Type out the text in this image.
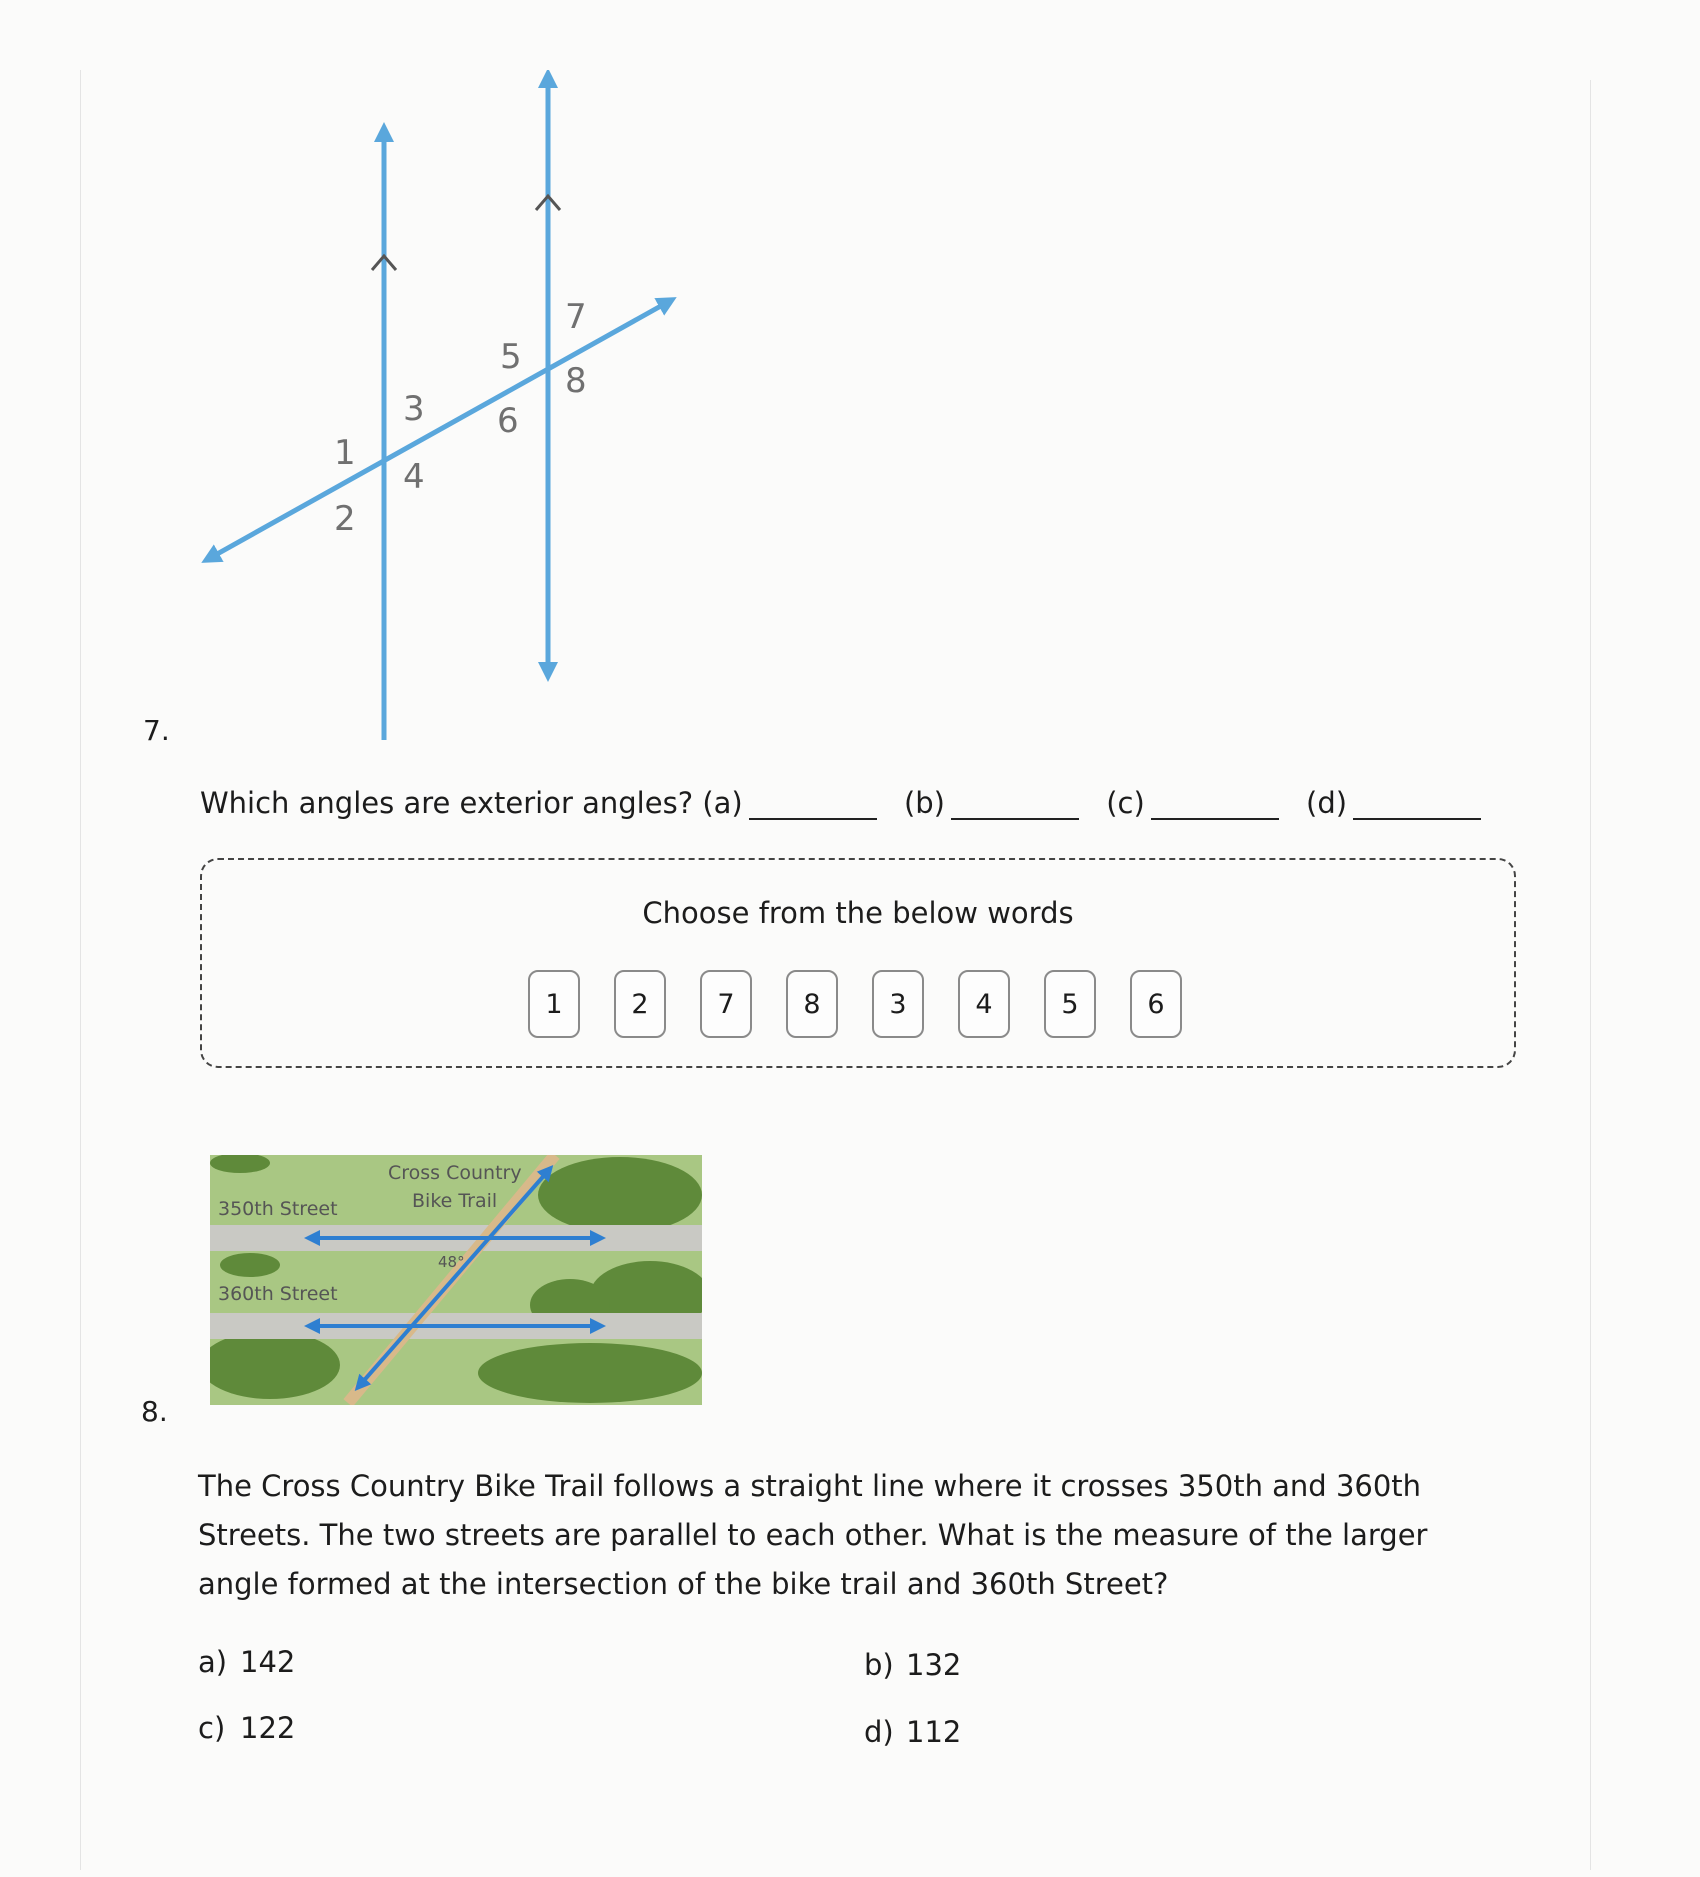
7.
1
2
3
4
5
6
7
8
Which angles are exterior angles? (a)	(b)	(c)	(d)
Choose from the below words
1	2	7	8	3	4	5	6
8.
350th Street
360th Street
Cross Country
Bike Trail
48°
The Cross Country Bike Trail follows a straight line where it crosses 350th and 360th Streets. The two streets are parallel to each other. What is the measure of the larger angle formed at the intersection of the bike trail and 360th Street?
a) 142	b) 132
c) 122	d) 112
